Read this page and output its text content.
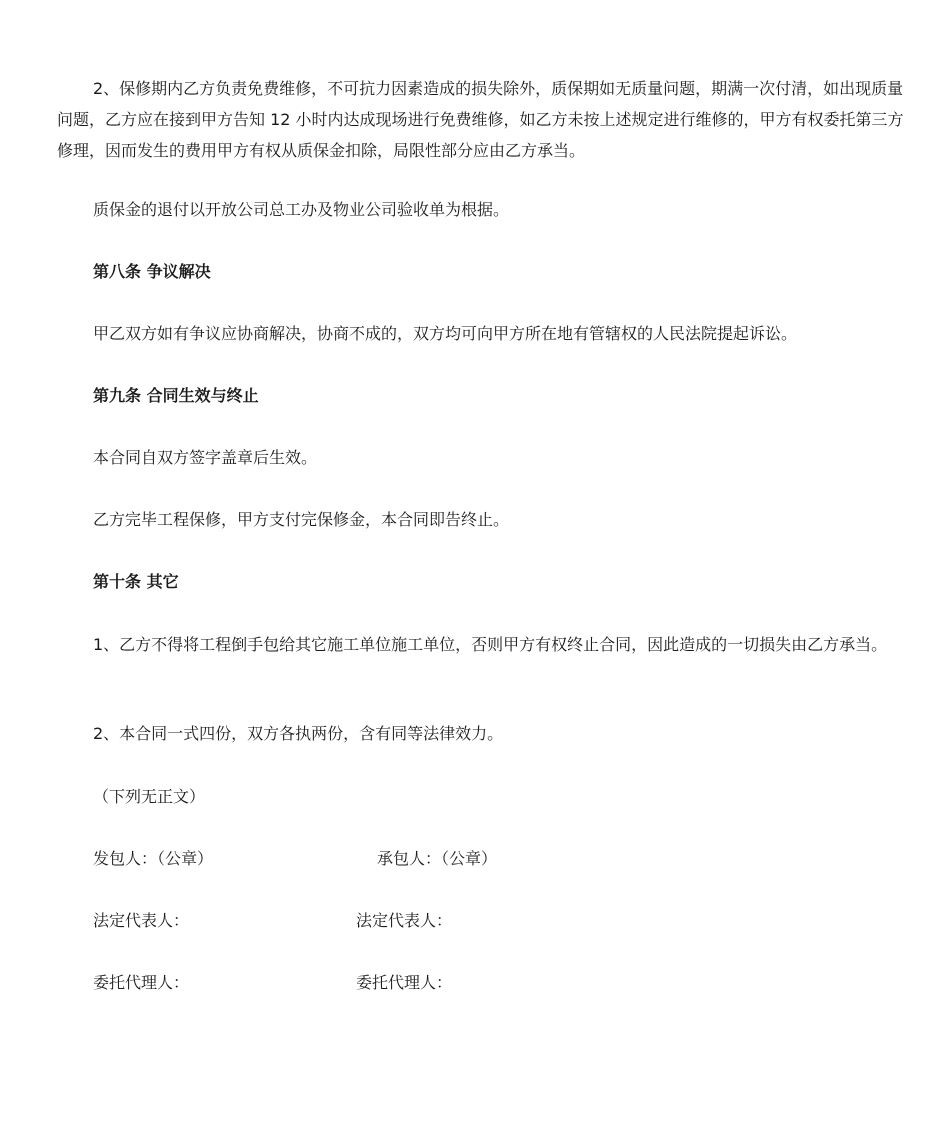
2、保修期内乙方负责免费维修，不可抗力因素造成的损失除外，质保期如无质量问题，期满一次付清，如出现质量问题，乙方应在接到甲方告知 12 小时内达成现场进行免费维修，如乙方未按上述规定进行维修的，甲方有权委托第三方修理，因而发生的费用甲方有权从质保金扣除，局限性部分应由乙方承当。

质保金的退付以开放公司总工办及物业公司验收单为根据。

第八条 争议解决

甲乙双方如有争议应协商解决，协商不成的，双方均可向甲方所在地有管辖权的人民法院提起诉讼。

第九条 合同生效与终止

本合同自双方签字盖章后生效。

乙方完毕工程保修，甲方支付完保修金，本合同即告终止。

第十条 其它

1、乙方不得将工程倒手包给其它施工单位施工单位，否则甲方有权终止合同，因此造成的一切损失由乙方承当。

2、本合同一式四份，双方各执两份，含有同等法律效力。

（下列无正文）

发包人：（公章）	承包人：（公章）

法定代表人：	法定代表人：

委托代理人：	委托代理人：
